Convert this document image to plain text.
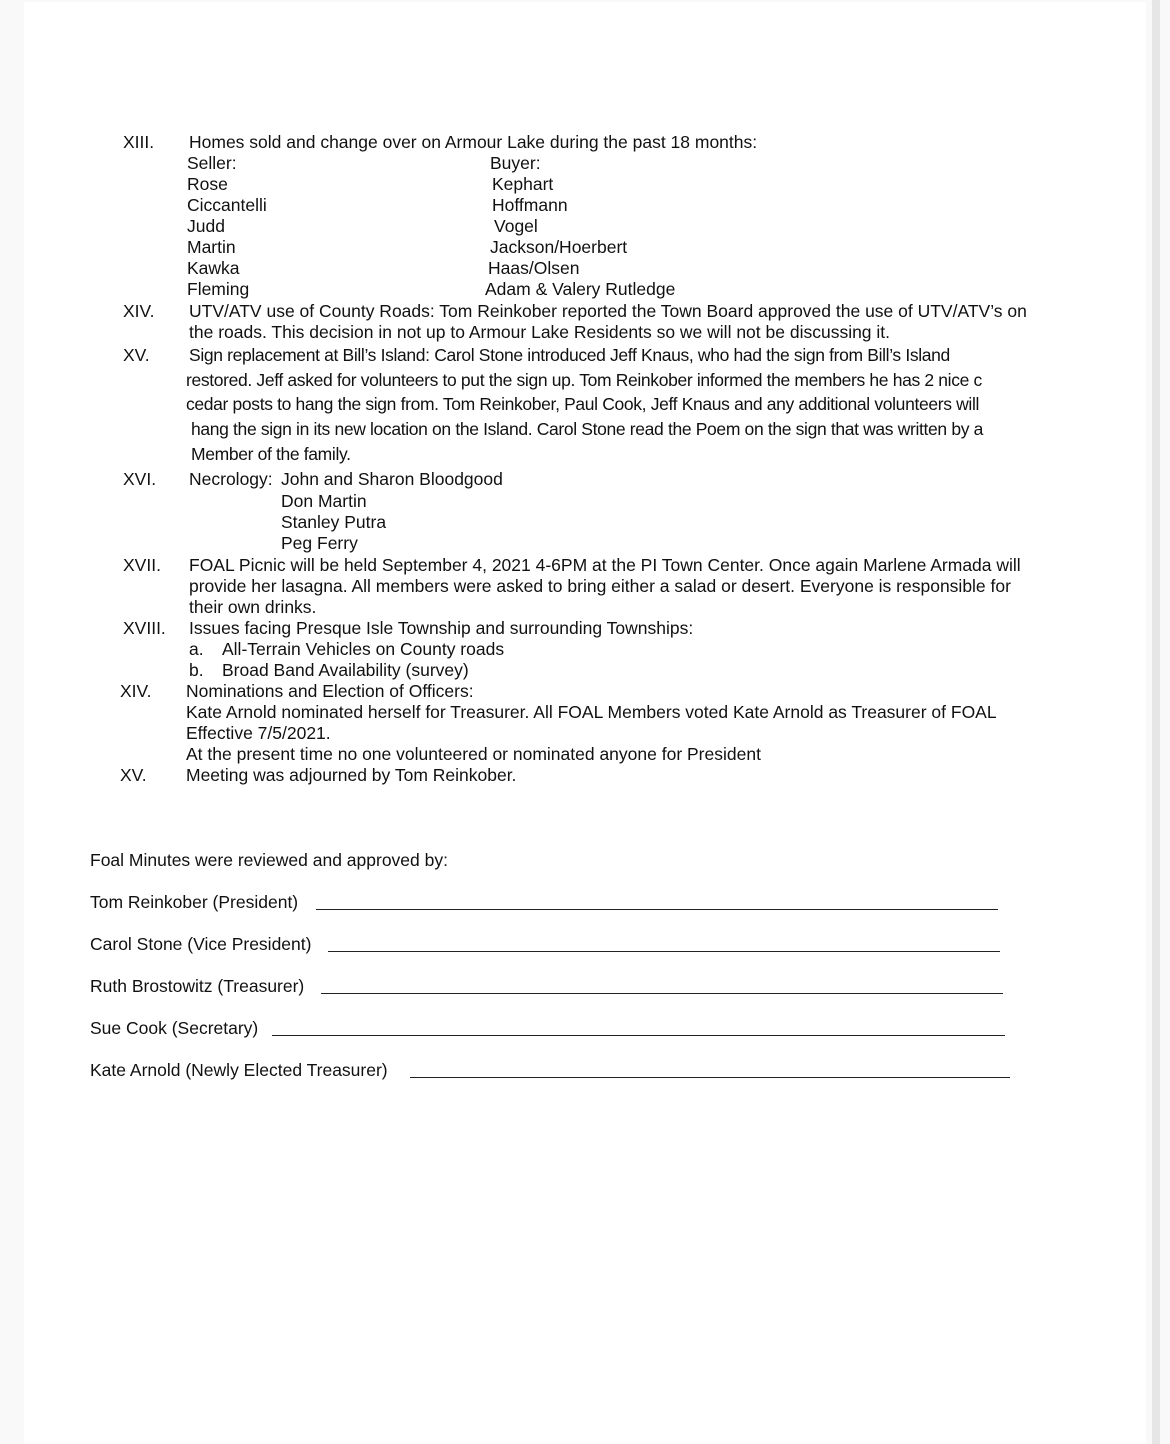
XIII. Homes sold and change over on Armour Lake during the past 18 months:
Seller:	Buyer:
Rose	Kephart
Ciccantelli	Hoffmann
Judd	Vogel
Martin	Jackson/Hoerbert
Kawka	Haas/Olsen
Fleming	Adam & Valery Rutledge
XIV. UTV/ATV use of County Roads: Tom Reinkober reported the Town Board approved the use of UTV/ATV’s on
the roads. This decision in not up to Armour Lake Residents so we will not be discussing it.
XV. Sign replacement at Bill’s Island: Carol Stone introduced Jeff Knaus, who had the sign from Bill’s Island
restored. Jeff asked for volunteers to put the sign up. Tom Reinkober informed the members he has 2 nice c
cedar posts to hang the sign from. Tom Reinkober, Paul Cook, Jeff Knaus and any additional volunteers will
hang the sign in its new location on the Island. Carol Stone read the Poem on the sign that was written by a
Member of the family.
XVI. Necrology: John and Sharon Bloodgood
Don Martin
Stanley Putra
Peg Ferry
XVII. FOAL Picnic will be held September 4, 2021 4-6PM at the PI Town Center. Once again Marlene Armada will
provide her lasagna. All members were asked to bring either a salad or desert. Everyone is responsible for
their own drinks.
XVIII. Issues facing Presque Isle Township and surrounding Townships:
a. All-Terrain Vehicles on County roads
b. Broad Band Availability (survey)
XIV. Nominations and Election of Officers:
Kate Arnold nominated herself for Treasurer. All FOAL Members voted Kate Arnold as Treasurer of FOAL
Effective 7/5/2021.
At the present time no one volunteered or nominated anyone for President
XV. Meeting was adjourned by Tom Reinkober.
Foal Minutes were reviewed and approved by:
Tom Reinkober (President)
Carol Stone (Vice President)
Ruth Brostowitz (Treasurer)
Sue Cook (Secretary)
Kate Arnold (Newly Elected Treasurer)
